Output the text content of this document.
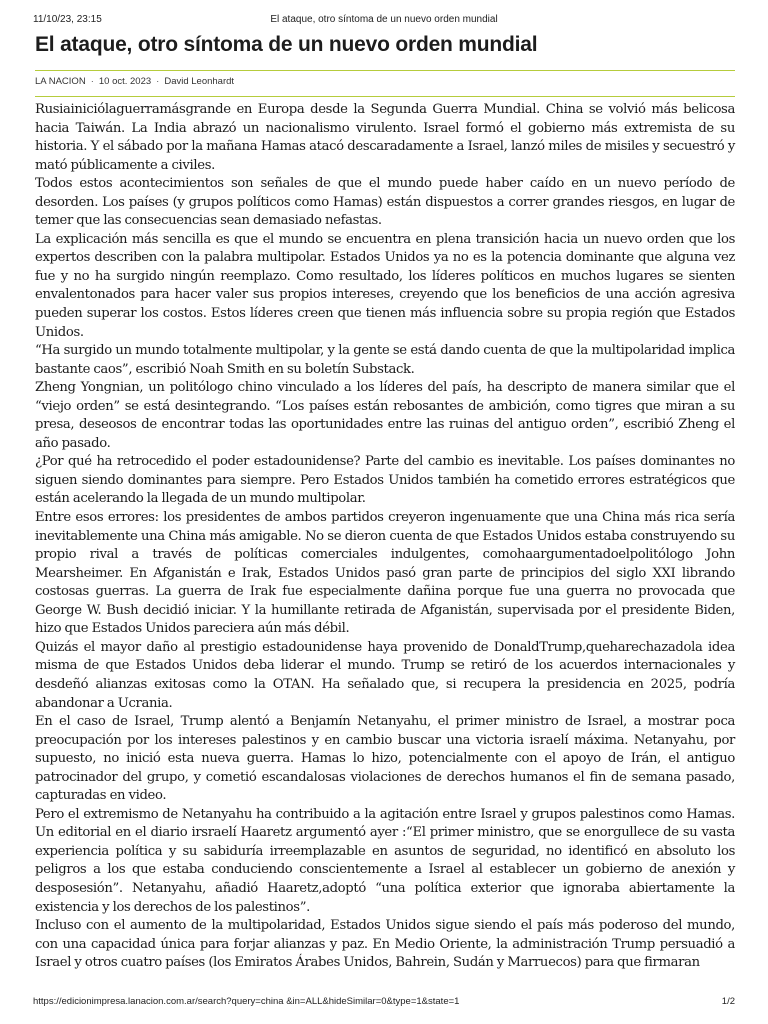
11/10/23, 23:15	El ataque, otro síntoma de un nuevo orden mundial
El ataque, otro síntoma de un nuevo orden mundial
LA NACION · 10 oct. 2023 · David Leonhardt

Rusiainiciólaguerramásgrande en Europa desde la Segunda Guerra Mundial. China se volvió más belicosa hacia Taiwán. La India abrazó un nacionalismo virulento. Israel formó el gobierno más extremista de su historia. Y el sábado por la mañana Hamas atacó descaradamente a Israel, lanzó miles de misiles y secuestró y mató públicamente a civiles.

Todos estos acontecimientos son señales de que el mundo puede haber caído en un nuevo período de desorden. Los países (y grupos políticos como Hamas) están dispuestos a correr grandes riesgos, en lugar de temer que las consecuencias sean demasiado nefastas.

La explicación más sencilla es que el mundo se encuentra en plena transición hacia un nuevo orden que los expertos describen con la palabra multipolar. Estados Unidos ya no es la potencia dominante que alguna vez fue y no ha surgido ningún reemplazo. Como resultado, los líderes políticos en muchos lugares se sienten envalentonados para hacer valer sus propios intereses, creyendo que los beneficios de una acción agresiva pueden superar los costos. Estos líderes creen que tienen más influencia sobre su propia región que Estados Unidos.

“Ha surgido un mundo totalmente multipolar, y la gente se está dando cuenta de que la multipolaridad implica bastante caos”, escribió Noah Smith en su boletín Substack.

Zheng Yongnian, un politólogo chino vinculado a los líderes del país, ha descripto de manera similar que el “viejo orden” se está desintegrando. “Los países están rebosantes de ambición, como tigres que miran a su presa, deseosos de encontrar todas las oportunidades entre las ruinas del antiguo orden”, escribió Zheng el año pasado.

¿Por qué ha retrocedido el poder estadounidense? Parte del cambio es inevitable. Los países dominantes no siguen siendo dominantes para siempre. Pero Estados Unidos también ha cometido errores estratégicos que están acelerando la llegada de un mundo multipolar.

Entre esos errores: los presidentes de ambos partidos creyeron ingenuamente que una China más rica sería inevitablemente una China más amigable. No se dieron cuenta de que Estados Unidos estaba construyendo su propio rival a través de políticas comerciales indulgentes, comohaargumentadoelpolitólogo John Mearsheimer. En Afganistán e Irak, Estados Unidos pasó gran parte de principios del siglo XXI librando costosas guerras. La guerra de Irak fue especialmente dañina porque fue una guerra no provocada que George W. Bush decidió iniciar. Y la humillante retirada de Afganistán, supervisada por el presidente Biden, hizo que Estados Unidos pareciera aún más débil.

Quizás el mayor daño al prestigio estadounidense haya provenido de DonaldTrump,queharechazadola idea misma de que Estados Unidos deba liderar el mundo. Trump se retiró de los acuerdos internacionales y desdeñó alianzas exitosas como la OTAN. Ha señalado que, si recupera la presidencia en 2025, podría abandonar a Ucrania.

En el caso de Israel, Trump alentó a Benjamín Netanyahu, el primer ministro de Israel, a mostrar poca preocupación por los intereses palestinos y en cambio buscar una victoria israelí máxima. Netanyahu, por supuesto, no inició esta nueva guerra. Hamas lo hizo, potencialmente con el apoyo de Irán, el antiguo patrocinador del grupo, y cometió escandalosas violaciones de derechos humanos el fin de semana pasado, capturadas en video.

Pero el extremismo de Netanyahu ha contribuido a la agitación entre Israel y grupos palestinos como Hamas. Un editorial en el diario irsraelí Haaretz argumentó ayer :“El primer ministro, que se enorgullece de su vasta experiencia política y su sabiduría irreemplazable en asuntos de seguridad, no identificó en absoluto los peligros a los que estaba conduciendo conscientemente a Israel al establecer un gobierno de anexión y desposesión”. Netanyahu, añadió Haaretz,adoptó “una política exterior que ignoraba abiertamente la existencia y los derechos de los palestinos”.

Incluso con el aumento de la multipolaridad, Estados Unidos sigue siendo el país más poderoso del mundo, con una capacidad única para forjar alianzas y paz. En Medio Oriente, la administración Trump persuadió a Israel y otros cuatro países (los Emiratos Árabes Unidos, Bahrein, Sudán y Marruecos) para que firmaran

https://edicionimpresa.lanacion.com.ar/search?query=china &in=ALL&hideSimilar=0&type=1&state=1	1/2
